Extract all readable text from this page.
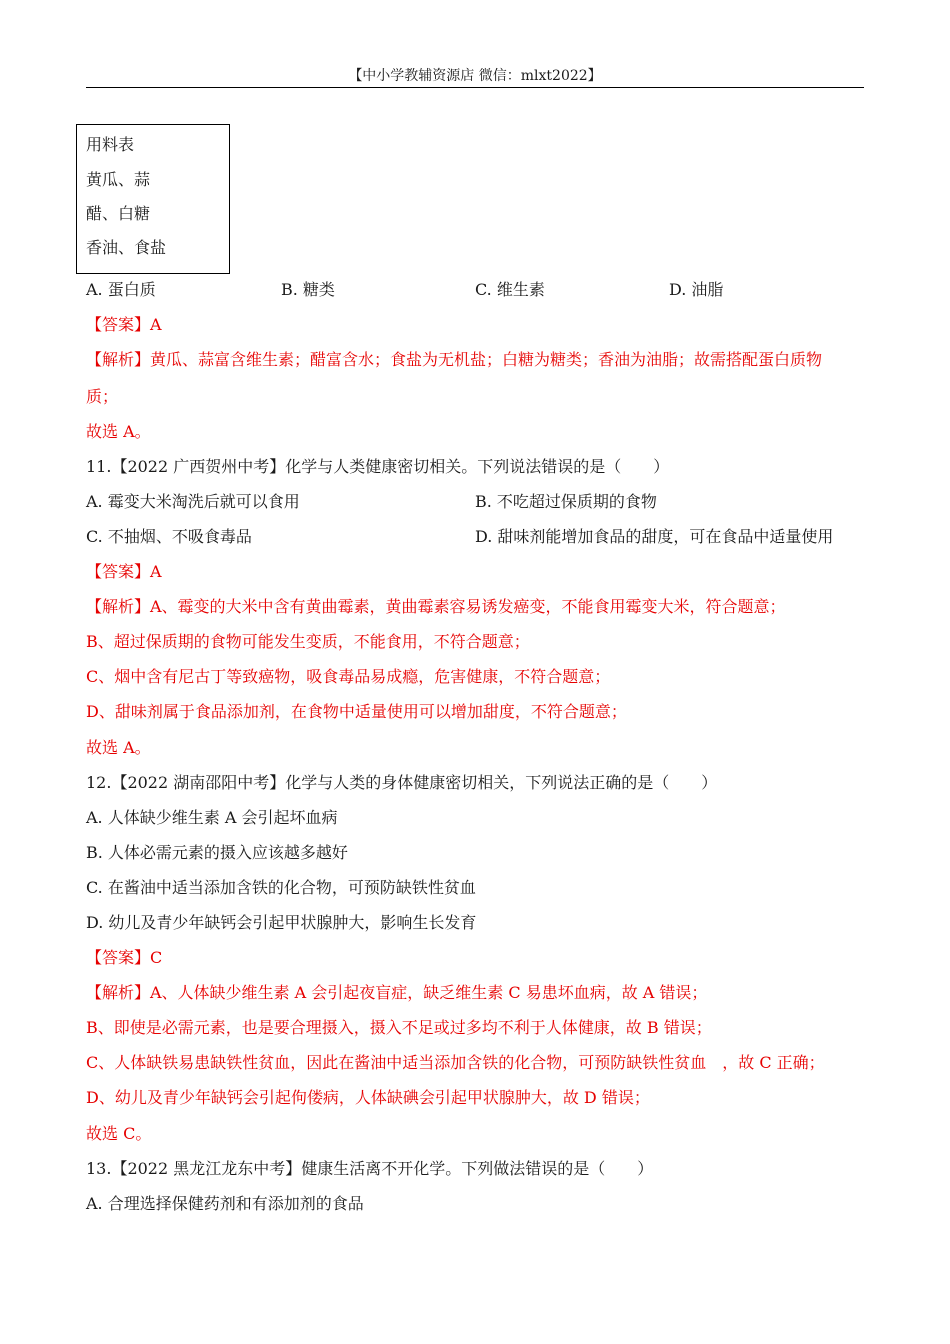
【中小学教辅资源店 微信：mlxt2022】
用料表
黄瓜、蒜
醋、白糖
香油、食盐
A. 蛋白质	B. 糖类	C. 维生素	D. 油脂
【答案】A
【解析】黄瓜、蒜富含维生素；醋富含水；食盐为无机盐；白糖为糖类；香油为油脂；故需搭配蛋白质物
质；
故选 A。
11.【2022 广西贺州中考】化学与人类健康密切相关。下列说法错误的是（　　）
A. 霉变大米淘洗后就可以食用	B. 不吃超过保质期的食物
C. 不抽烟、不吸食毒品	D. 甜味剂能增加食品的甜度，可在食品中适量使用
【答案】A
【解析】A、霉变的大米中含有黄曲霉素，黄曲霉素容易诱发癌变，不能食用霉变大米，符合题意；
B、超过保质期的食物可能发生变质，不能食用，不符合题意；
C、烟中含有尼古丁等致癌物，吸食毒品易成瘾，危害健康，不符合题意；
D、甜味剂属于食品添加剂，在食物中适量使用可以增加甜度，不符合题意；
故选 A。
12.【2022 湖南邵阳中考】化学与人类的身体健康密切相关，下列说法正确的是（　　）
A. 人体缺少维生素 A 会引起坏血病
B. 人体必需元素的摄入应该越多越好
C. 在酱油中适当添加含铁的化合物，可预防缺铁性贫血
D. 幼儿及青少年缺钙会引起甲状腺肿大，影响生长发育
【答案】C
【解析】A、人体缺少维生素 A 会引起夜盲症，缺乏维生素 C 易患坏血病，故 A 错误；
B、即使是必需元素，也是要合理摄入，摄入不足或过多均不利于人体健康，故 B 错误；
C、人体缺铁易患缺铁性贫血，因此在酱油中适当添加含铁的化合物，可预防缺铁性贫血　，故 C 正确；
D、幼儿及青少年缺钙会引起佝偻病，人体缺碘会引起甲状腺肿大，故 D 错误；
故选 C。
13.【2022 黑龙江龙东中考】健康生活离不开化学。下列做法错误的是（　　）
A. 合理选择保健药剂和有添加剂的食品
